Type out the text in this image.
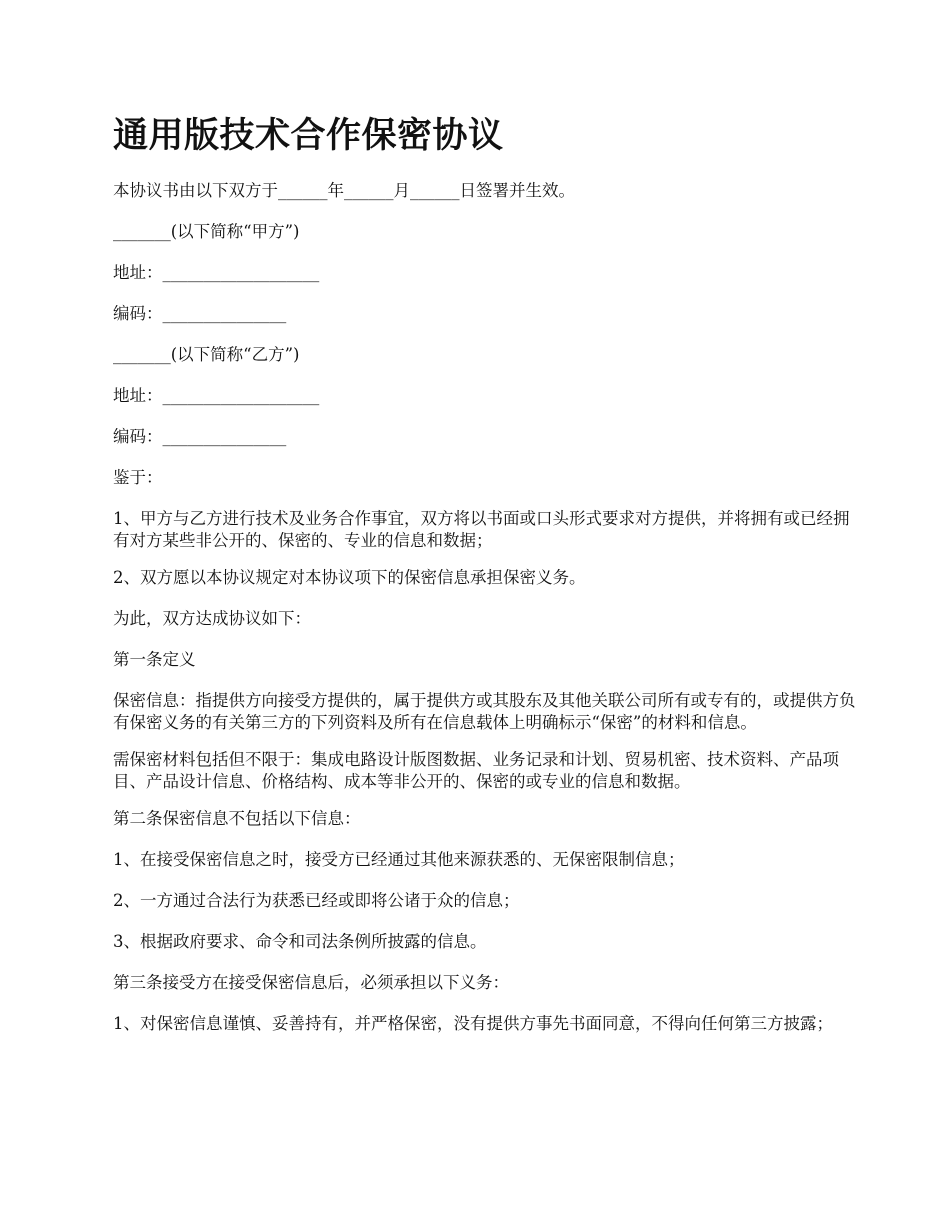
通用版技术合作保密协议

本协议书由以下双方于______年______月______日签署并生效。

_______(以下简称“甲方”)

地址：___________________

编码：_______________

_______(以下简称“乙方”)

地址：___________________

编码：_______________

鉴于：

1、甲方与乙方进行技术及业务合作事宜，双方将以书面或口头形式要求对方提供，并将拥有或已经拥有对方某些非公开的、保密的、专业的信息和数据；

2、双方愿以本协议规定对本协议项下的保密信息承担保密义务。

为此，双方达成协议如下：

第一条定义

保密信息：指提供方向接受方提供的，属于提供方或其股东及其他关联公司所有或专有的，或提供方负有保密义务的有关第三方的下列资料及所有在信息载体上明确标示“保密”的材料和信息。

需保密材料包括但不限于：集成电路设计版图数据、业务记录和计划、贸易机密、技术资料、产品项目、产品设计信息、价格结构、成本等非公开的、保密的或专业的信息和数据。

第二条保密信息不包括以下信息：

1、在接受保密信息之时，接受方已经通过其他来源获悉的、无保密限制信息；

2、一方通过合法行为获悉已经或即将公诸于众的信息；

3、根据政府要求、命令和司法条例所披露的信息。

第三条接受方在接受保密信息后，必须承担以下义务：

1、对保密信息谨慎、妥善持有，并严格保密，没有提供方事先书面同意，不得向任何第三方披露；
